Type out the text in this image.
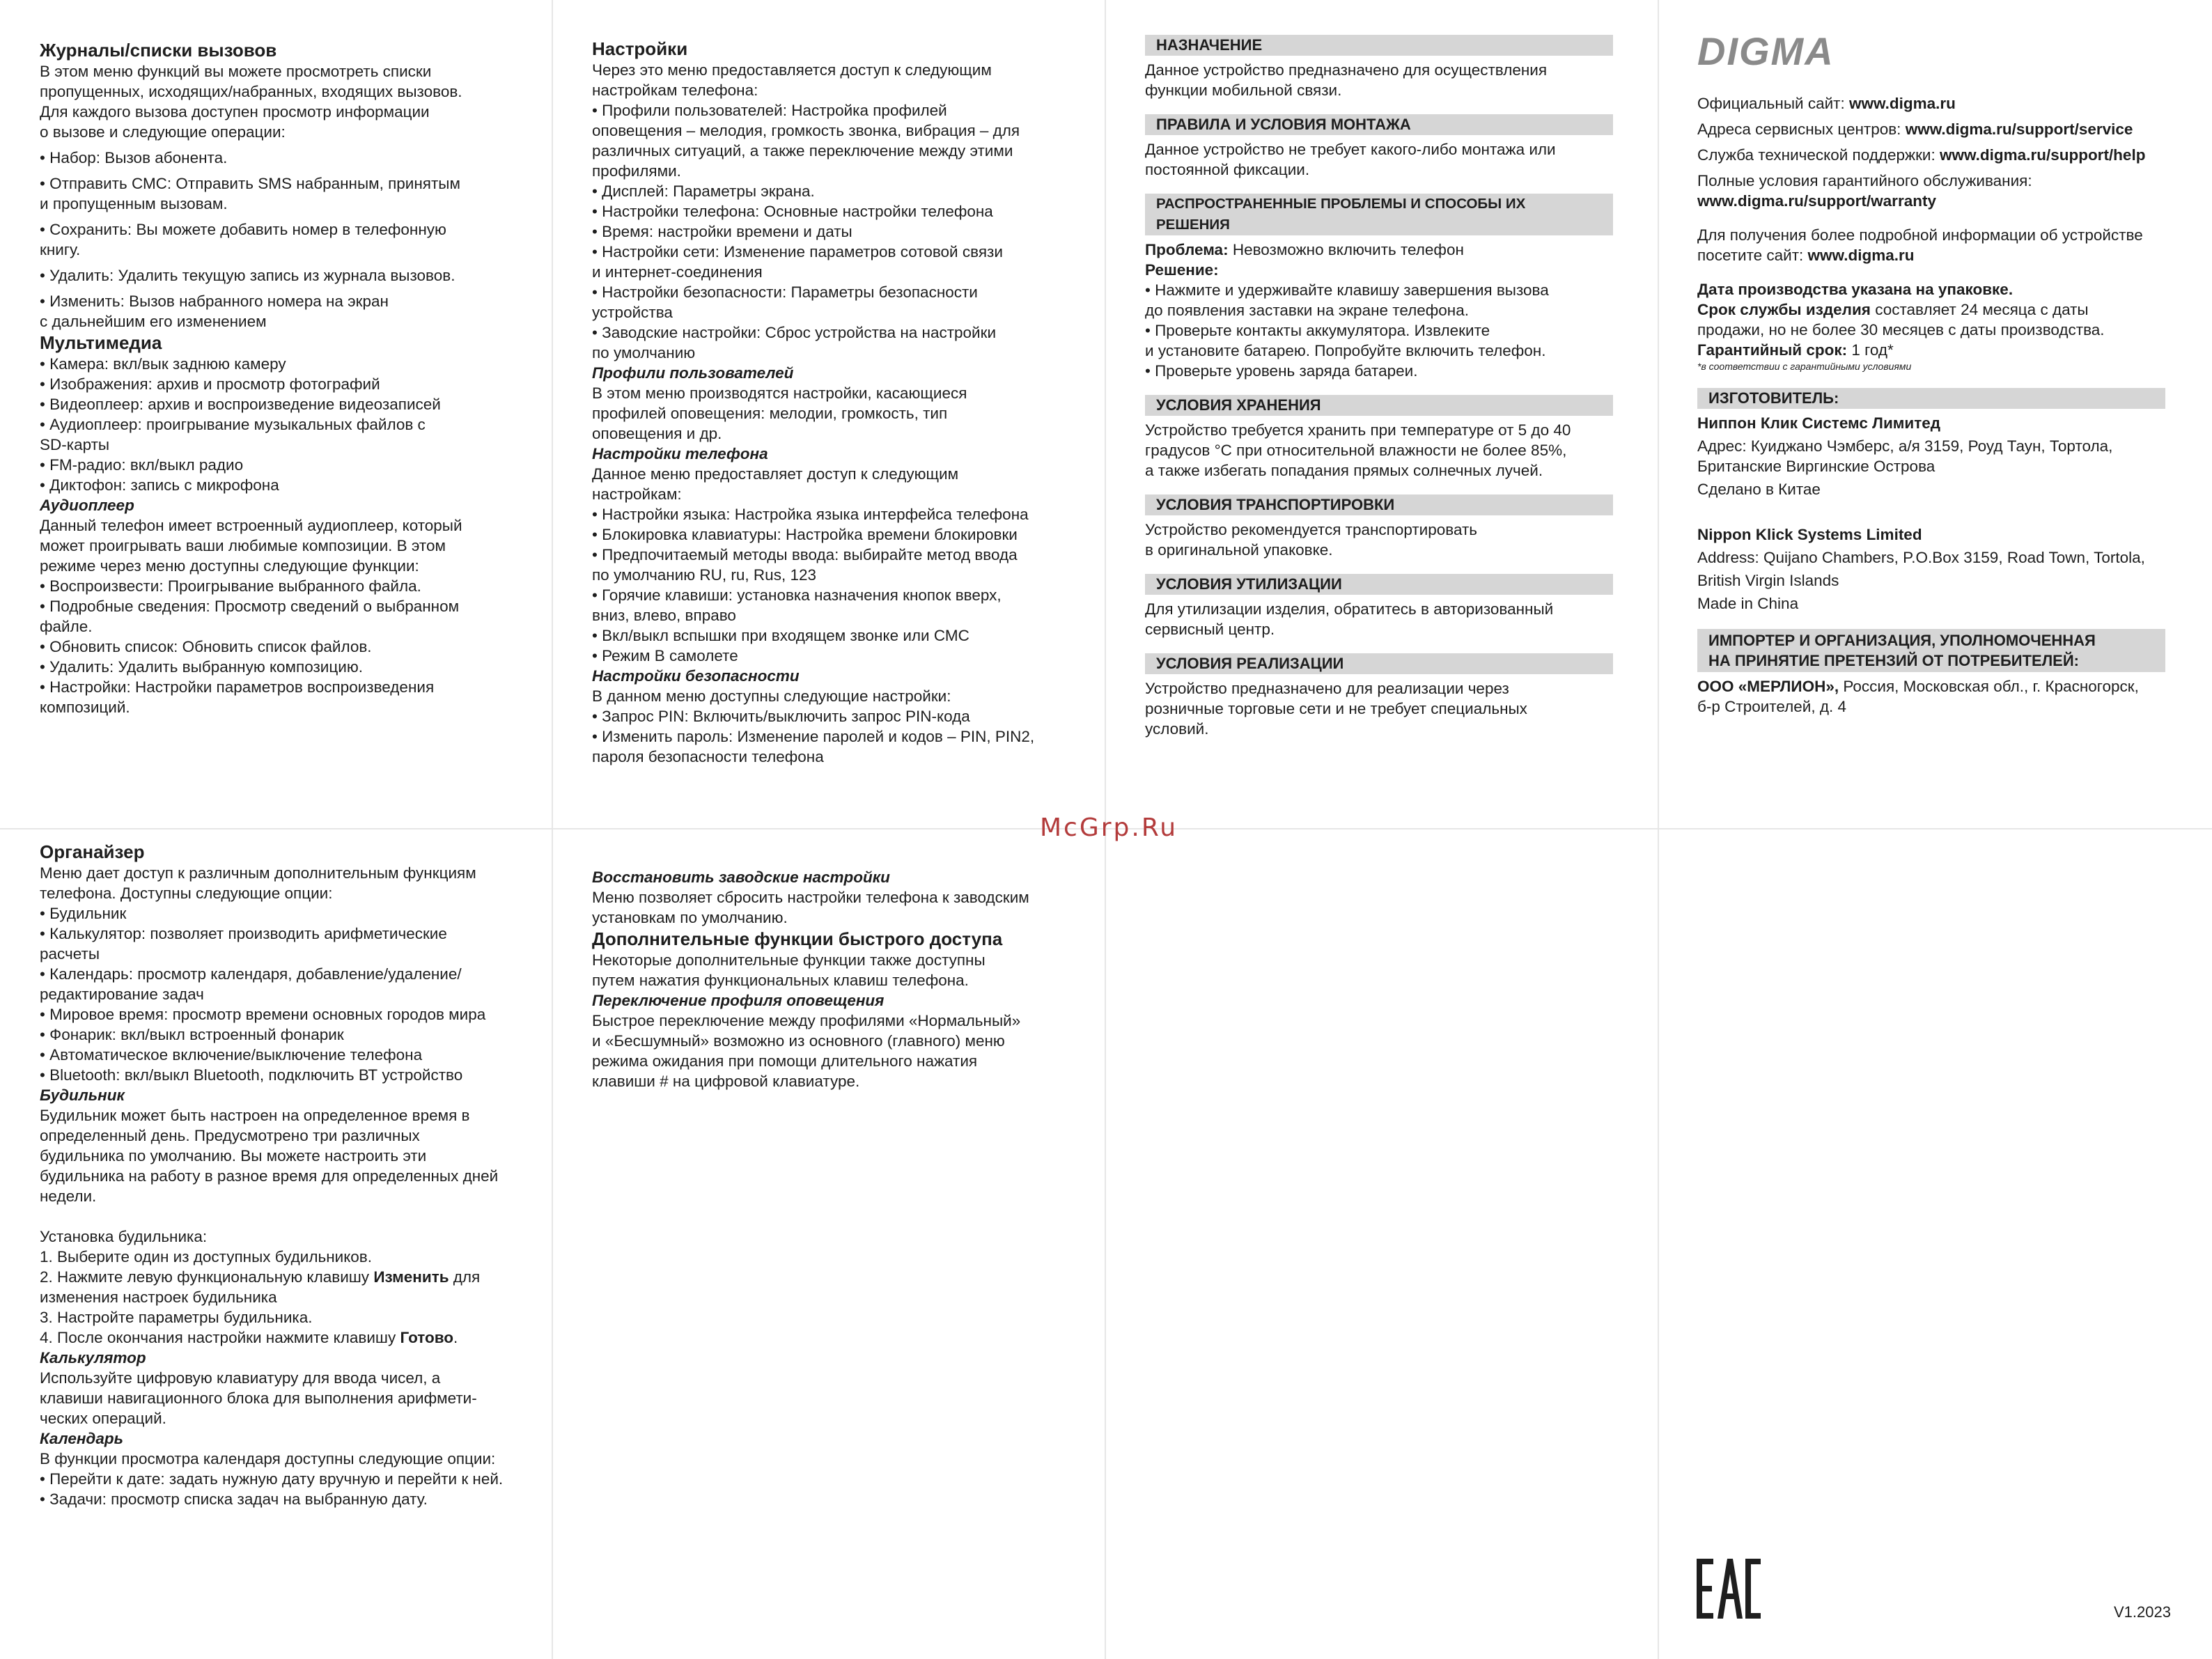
Журналы/списки вызовов

В этом меню функций вы можете просмотреть списки

пропущенных, исходящих/набранных, входящих вызовов.

Для каждого вызова доступен просмотр информации

о вызове и следующие операции:

• Набор: Вызов абонента.

• Отправить СМС: Отправить SMS набранным, принятым

и пропущенным вызовам.

• Сохранить: Вы можете добавить номер в телефонную

книгу.

• Удалить: Удалить текущую запись из журнала вызовов.

• Изменить: Вызов набранного номера на экран

с дальнейшим его изменением

Мультимедиа

• Камера: вкл/вык заднюю камеру

• Изображения: архив и просмотр фотографий

• Видеоплеер: архив и воспроизведение видеозаписей

• Аудиоплеер: проигрывание музыкальных файлов с

SD-карты

• FM-радио: вкл/выкл радио

• Диктофон: запись с микрофона

Аудиоплеер

Данный телефон имеет встроенный аудиоплеер, который

может проигрывать ваши любимые композиции. В этом

режиме через меню доступны следующие функции:

• Воспроизвести: Проигрывание выбранного файла.

• Подробные сведения: Просмотр сведений о выбранном

файле.

• Обновить список: Обновить список файлов.

• Удалить: Удалить выбранную композицию.

• Настройки: Настройки параметров воспроизведения

композиций.

Настройки

Через это меню предоставляется доступ к следующим

настройкам телефона:

• Профили пользователей: Настройка профилей

оповещения – мелодия, громкость звонка, вибрация – для

различных ситуаций, а также переключение между этими

профилями.

• Дисплей: Параметры экрана.

• Настройки телефона: Основные настройки телефона

• Время: настройки времени и даты

• Настройки сети: Изменение параметров сотовой связи

и интернет-соединения

• Настройки безопасности: Параметры безопасности

устройства

• Заводские настройки: Сброс устройства на настройки

по умолчанию

Профили пользователей

В этом меню производятся настройки, касающиеся

профилей оповещения: мелодии, громкость, тип

оповещения и др.

Настройки телефона

Данное меню предоставляет доступ к следующим

настройкам:

• Настройки языка: Настройка языка интерфейса телефона

• Блокировка клавиатуры: Настройка времени блокировки

• Предпочитаемый методы ввода: выбирайте метод ввода

по умолчанию RU, ru, Rus, 123

• Горячие клавиши: установка назначения кнопок вверх,

вниз, влево, вправо

• Вкл/выкл вспышки при входящем звонке или СМС

• Режим В самолете

Настройки безопасности

В данном меню доступны следующие настройки:

• Запрос PIN: Включить/выключить запрос PIN-кода

• Изменить пароль: Изменение паролей и кодов – PIN, PIN2,

пароля безопасности телефона

НАЗНАЧЕНИЕ

Данное устройство предназначено для осуществления

функции мобильной связи.

ПРАВИЛА И УСЛОВИЯ МОНТАЖА

Данное устройство не требует какого-либо монтажа или

постоянной фиксации.

РАСПРОСТРАНЕННЫЕ ПРОБЛЕМЫ И СПОСОБЫ ИХ РЕШЕНИЯ

Проблема: Невозможно включить телефон

Решение:

• Нажмите и удерживайте клавишу завершения вызова

до появления заставки на экране телефона.

• Проверьте контакты аккумулятора. Извлеките

и установите батарею. Попробуйте включить телефон.

• Проверьте уровень заряда батареи.

УСЛОВИЯ ХРАНЕНИЯ

Устройство требуется хранить при температуре от 5 до 40

градусов °С при относительной влажности не более 85%,

а также избегать попадания прямых солнечных лучей.

УСЛОВИЯ ТРАНСПОРТИРОВКИ

Устройство рекомендуется транспортировать

в оригинальной упаковке.

УСЛОВИЯ УТИЛИЗАЦИИ

Для утилизации изделия, обратитесь в авторизованный

сервисный центр.

УСЛОВИЯ РЕАЛИЗАЦИИ

Устройство предназначено для реализации через

розничные торговые сети и не требует специальных

условий.

DIGMA

Официальный сайт: www.digma.ru

Адреса сервисных центров: www.digma.ru/support/service

Служба технической поддержки: www.digma.ru/support/help

Полные условия гарантийного обслуживания:

www.digma.ru/support/warranty

Для получения более подробной информации об устройстве

посетите сайт: www.digma.ru

Дата производства указана на упаковке.

Срок службы изделия составляет 24 месяца с даты

продажи, но не более 30 месяцев с даты производства.

Гарантийный срок: 1 год*

*в соответствии с гарантийными условиями

ИЗГОТОВИТЕЛЬ:

Ниппон Клик Системс Лимитед

Адрес: Куиджано Чэмберс, а/я 3159, Роуд Таун, Тортола,

Британские Виргинские Острова

Сделано в Китае

Nippon Klick Systems Limited

Address: Quijano Chambers, P.O.Box 3159, Road Town, Tortola,

British Virgin Islands

Made in China

ИМПОРТЕР И ОРГАНИЗАЦИЯ, УПОЛНОМОЧЕННАЯ
НА ПРИНЯТИЕ ПРЕТЕНЗИЙ ОТ ПОТРЕБИТЕЛЕЙ:

ООО «МЕРЛИОН», Россия, Московская обл., г. Красногорск,

б-р Строителей, д. 4

Органайзер

Меню дает доступ к различным дополнительным функциям

телефона. Доступны следующие опции:

• Будильник

• Калькулятор: позволяет производить арифметические

расчеты

• Календарь: просмотр календаря, добавление/удаление/

редактирование задач

• Мировое время: просмотр времени основных городов мира

• Фонарик: вкл/выкл встроенный фонарик

• Автоматическое включение/выключение телефона

• Bluetooth: вкл/выкл Bluetooth, подключить ВТ устройство

Будильник

Будильник может быть настроен на определенное время в

определенный день. Предусмотрено три различных

будильника по умолчанию. Вы можете настроить эти

будильника на работу в разное время для определенных дней

недели.

Установка будильника:

1. Выберите один из доступных будильников.

2. Нажмите левую функциональную клавишу Изменить для

изменения настроек будильника

3. Настройте параметры будильника.

4. После окончания настройки нажмите клавишу Готово.

Калькулятор

Используйте цифровую клавиатуру для ввода чисел, а

клавиши навигационного блока для выполнения арифмети-

ческих операций.

Календарь

В функции просмотра календаря доступны следующие опции:

• Перейти к дате: задать нужную дату вручную и перейти к ней.

• Задачи: просмотр списка задач на выбранную дату.

Восстановить заводские настройки

Меню позволяет сбросить настройки телефона к заводским

установкам по умолчанию.

Дополнительные функции быстрого доступа

Некоторые дополнительные функции также доступны

путем нажатия функциональных клавиш телефона.

Переключение профиля оповещения

Быстрое переключение между профилями «Нормальный»

и «Бесшумный» возможно из основного (главного) меню

режима ожидания при помощи длительного нажатия

клавиши # на цифровой клавиатуре.

McGrp.Ru
V1.2023
